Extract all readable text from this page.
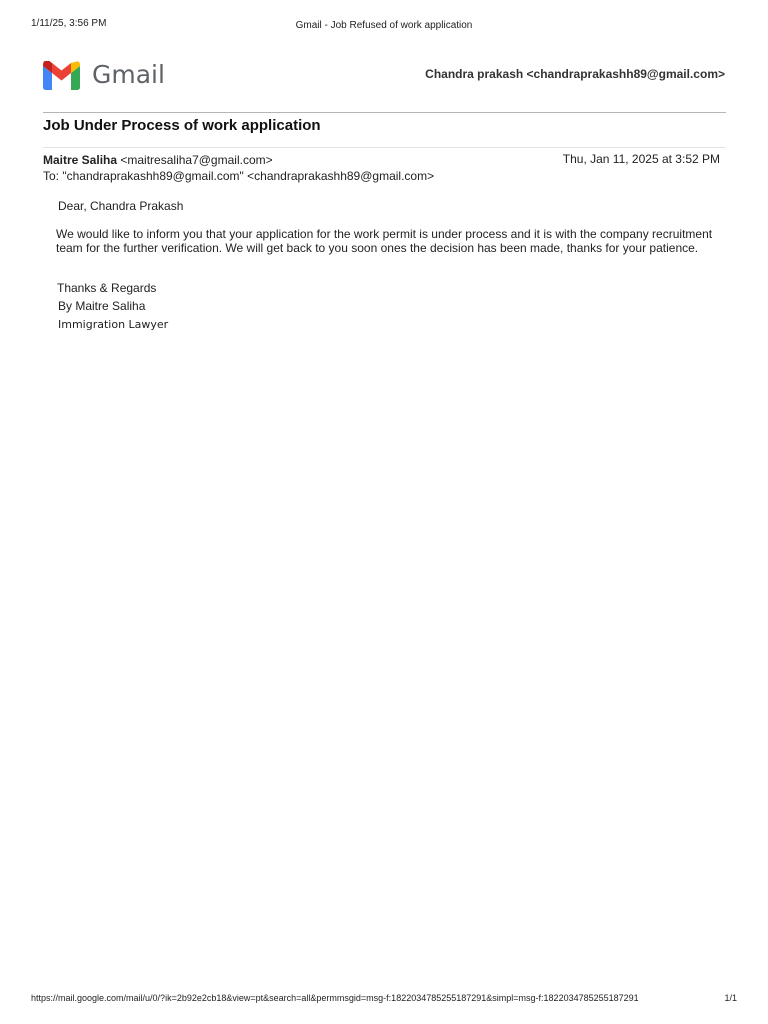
1/11/25, 3:56 PM	Gmail - Job Refused of work application
Gmail	Chandra prakash <chandraprakashh89@gmail.com>
Job Under Process of work application
Maitre Saliha <maitresaliha7@gmail.com>	Thu, Jan 11, 2025 at 3:52 PM
To: "chandraprakashh89@gmail.com" <chandraprakashh89@gmail.com>
Dear, Chandra Prakash
We would like to inform you that your application for the work permit is under process and it is with the company recruitment team for the further verification. We will get back to you soon ones the decision has been made, thanks for your patience.
Thanks & Regards
By Maitre Saliha
Immigration Lawyer
https://mail.google.com/mail/u/0/?ik=2b92e2cb18&view=pt&search=all&permmsgid=msg-f:1822034785255187291&simpl=msg-f:1822034785255187291	1/1
